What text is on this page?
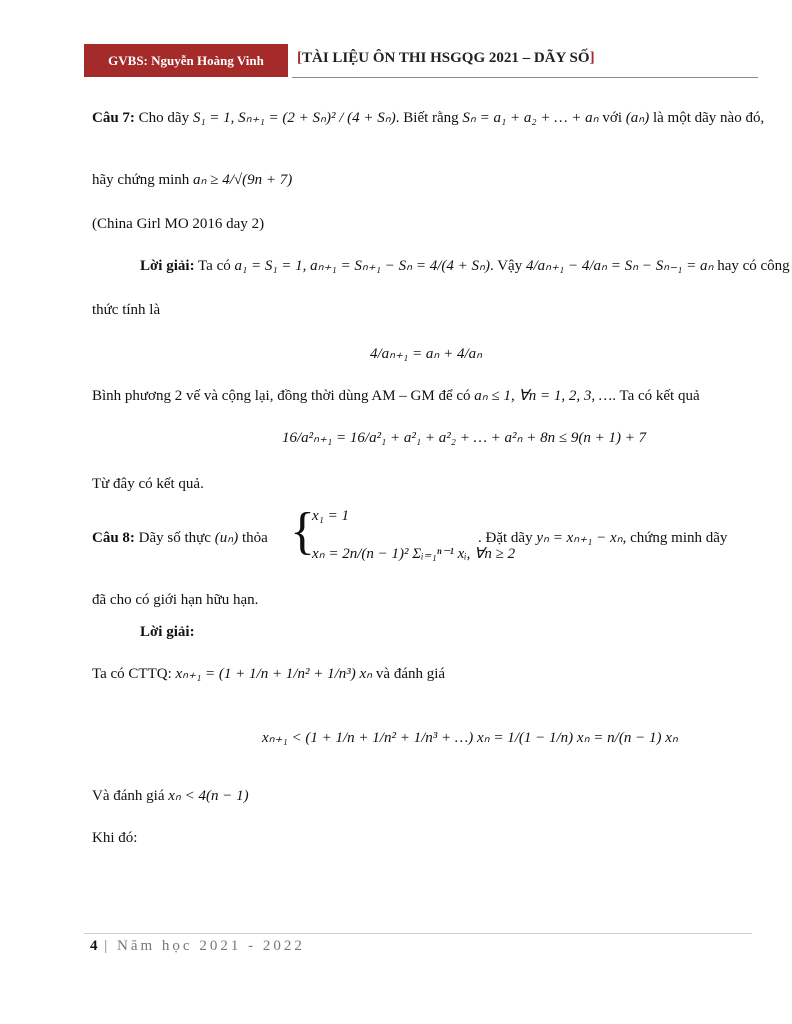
GVBS: Nguyễn Hoàng Vinh	[TÀI LIỆU ÔN THI HSGQG 2021 – DÃY SỐ]
Câu 7: Cho dãy S₁ = 1, Sₙ₊₁ = (2 + Sₙ)² / (4 + Sₙ). Biết rằng Sₙ = a₁ + a₂ + … + aₙ với (aₙ) là một dãy nào đó,
hãy chứng minh aₙ ≥ 4/√(9n + 7)
(China Girl MO 2016 day 2)
Lời giải: Ta có a₁ = S₁ = 1, aₙ₊₁ = Sₙ₊₁ − Sₙ = 4/(4 + Sₙ). Vậy 4/aₙ₊₁ − 4/aₙ = Sₙ − Sₙ₋₁ = aₙ hay có công
thức tính là
4/aₙ₊₁ = aₙ + 4/aₙ
Bình phương 2 vế và cộng lại, đồng thời dùng AM – GM để có aₙ ≤ 1, ∀n = 1, 2, 3, …. Ta có kết quả
16/a²ₙ₊₁ = 16/a²₁ + a²₁ + a²₂ + … + a²ₙ + 8n ≤ 9(n + 1) + 7
Từ đây có kết quả.
Câu 8: Dãy số thực (uₙ) thỏa {
x₁ = 1
xₙ = 2n/(n − 1)² Σᵢ₌₁ⁿ⁻¹ xᵢ, ∀n ≥ 2
. Đặt dãy yₙ = xₙ₊₁ − xₙ, chứng minh dãy
đã cho có giới hạn hữu hạn.
Lời giải:
Ta có CTTQ: xₙ₊₁ = (1 + 1/n + 1/n² + 1/n³) xₙ và đánh giá
xₙ₊₁ < (1 + 1/n + 1/n² + 1/n³ + …) xₙ = 1/(1 − 1/n) xₙ = n/(n − 1) xₙ
Và đánh giá xₙ < 4(n − 1)
Khi đó:
4 | Năm học 2021 - 2022
